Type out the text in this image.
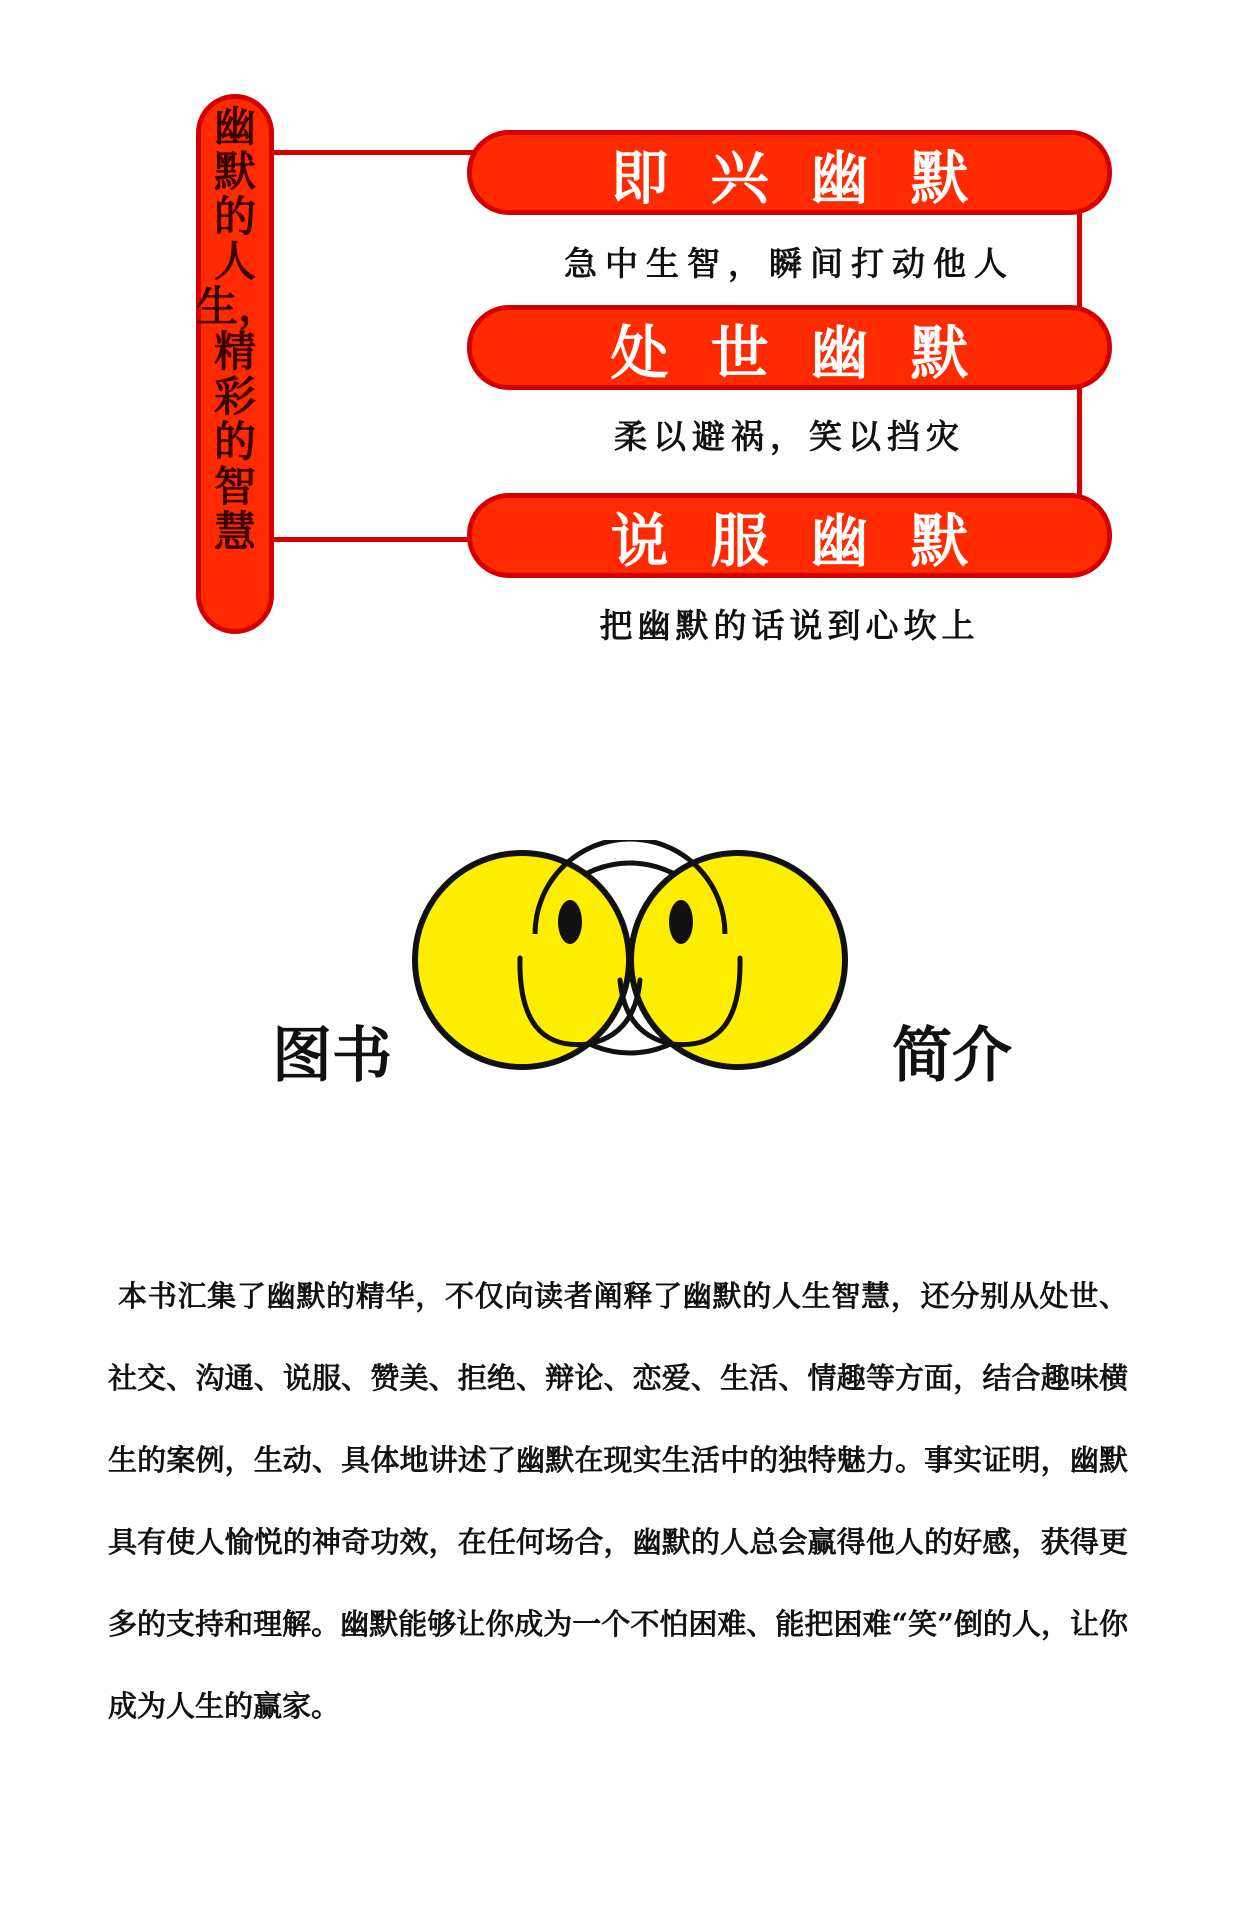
幽默的人生，精彩的智慧
即兴幽默
急中生智，瞬间打动他人
处世幽默
柔以避祸，笑以挡灾
说服幽默
把幽默的话说到心坎上
图书	简介
本书汇集了幽默的精华，不仅向读者阐释了幽默的人生智慧，还分别从处世、社交、沟通、说服、赞美、拒绝、辩论、恋爱、生活、情趣等方面，结合趣味横生的案例，生动、具体地讲述了幽默在现实生活中的独特魅力。事实证明，幽默具有使人愉悦的神奇功效，在任何场合，幽默的人总会赢得他人的好感，获得更多的支持和理解。幽默能够让你成为一个不怕困难、能把困难“笑”倒的人，让你成为人生的赢家。
